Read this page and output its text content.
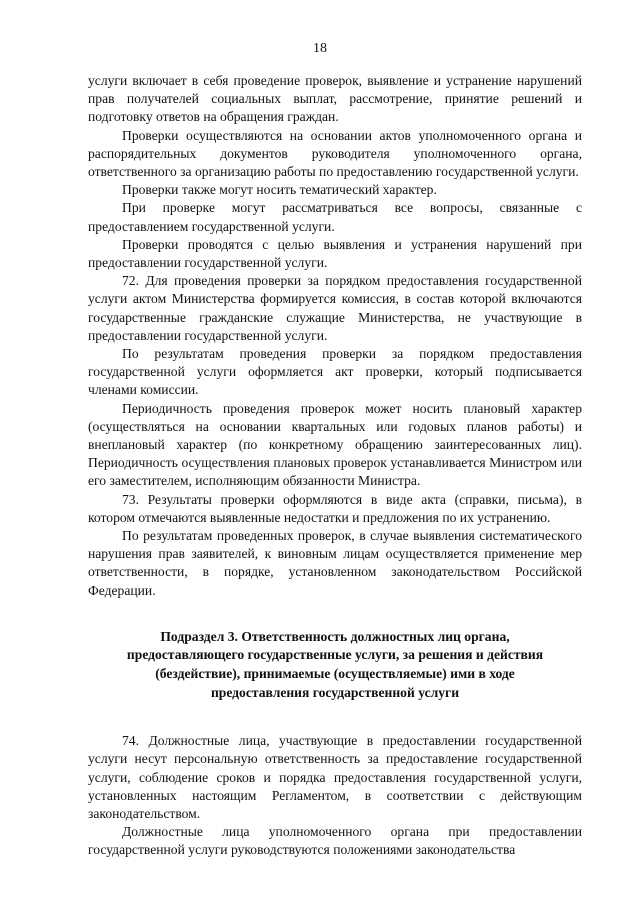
18

услуги включает в себя проведение проверок, выявление и устранение нарушений прав получателей социальных выплат, рассмотрение, принятие решений и подготовку ответов на обращения граждан.

Проверки осуществляются на основании актов уполномоченного органа и распорядительных документов руководителя уполномоченного органа, ответственного за организацию работы по предоставлению государственной услуги.

Проверки также могут носить тематический характер.

При проверке могут рассматриваться все вопросы, связанные с предоставлением государственной услуги.

Проверки проводятся с целью выявления и устранения нарушений при предоставлении государственной услуги.

72. Для проведения проверки за порядком предоставления государственной услуги актом Министерства формируется комиссия, в состав которой включаются государственные гражданские служащие Министерства, не участвующие в предоставлении государственной услуги.

По результатам проведения проверки за порядком предоставления государственной услуги оформляется акт проверки, который подписывается членами комиссии.

Периодичность проведения проверок может носить плановый характер (осуществляться на основании квартальных или годовых планов работы) и внеплановый характер (по конкретному обращению заинтересованных лиц). Периодичность осуществления плановых проверок устанавливается Министром или его заместителем, исполняющим обязанности Министра.

73. Результаты проверки оформляются в виде акта (справки, письма), в котором отмечаются выявленные недостатки и предложения по их устранению.

По результатам проведенных проверок, в случае выявления систематического нарушения прав заявителей, к виновным лицам осуществляется применение мер ответственности, в порядке, установленном законодательством Российской Федерации.

Подраздел 3. Ответственность должностных лиц органа, предоставляющего государственные услуги, за решения и действия (бездействие), принимаемые (осуществляемые) ими в ходе предоставления государственной услуги

74. Должностные лица, участвующие в предоставлении государственной услуги несут персональную ответственность за предоставление государственной услуги, соблюдение сроков и порядка предоставления государственной услуги, установленных настоящим Регламентом, в соответствии с действующим законодательством.

Должностные лица уполномоченного органа при предоставлении государственной услуги руководствуются положениями законодательства
